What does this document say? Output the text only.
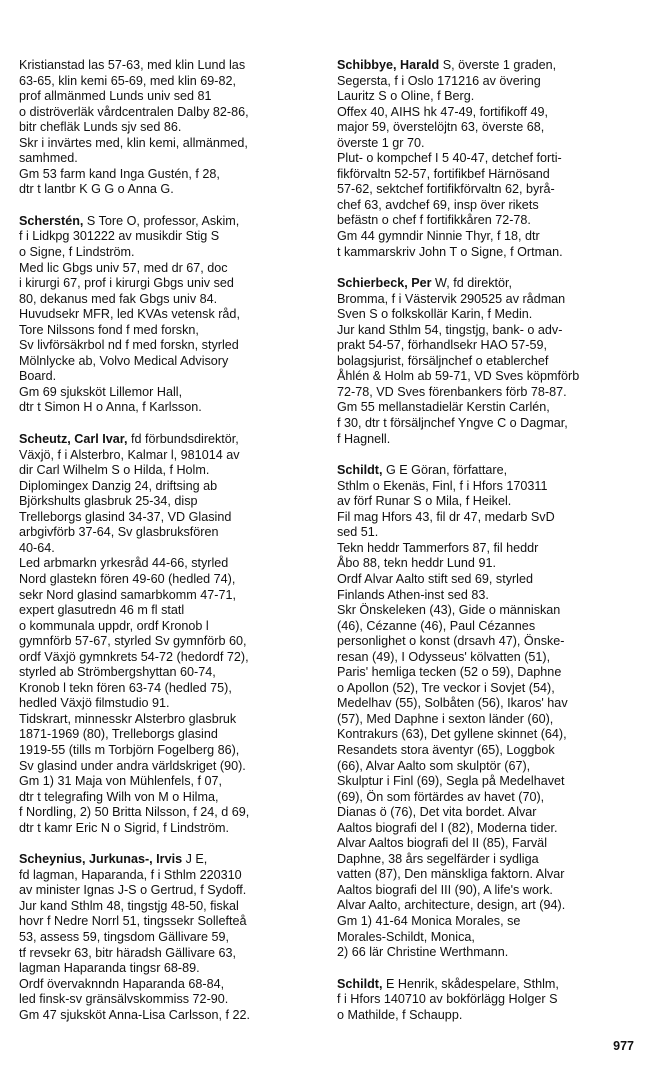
Kristianstad las 57-63, med klin Lund las

63-65, klin kemi 65-69, med klin 69-82,

prof allmänmed Lunds univ sed 81

o diströverläk vårdcentralen Dalby 82-86,

bitr chefläk Lunds sjv sed 86.

Skr i invärtes med, klin kemi, allmänmed,

samhmed.

Gm 53 farm kand Inga Gustén, f 28,

dtr t lantbr K G G o Anna G.

Scherstén, S Tore O, professor, Askim,

f i Lidkpg 301222 av musikdir Stig S

o Signe, f Lindström.

Med lic Gbgs univ 57, med dr 67, doc

i kirurgi 67, prof i kirurgi Gbgs univ sed

80, dekanus med fak Gbgs univ 84.

Huvudsekr MFR, led KVAs vetensk råd,

Tore Nilssons fond f med forskn,

Sv livförsäkrbol nd f med forskn, styrled

Mölnlycke ab, Volvo Medical Advisory

Board.

Gm 69 sjuksköt Lillemor Hall,

dtr t Simon H o Anna, f Karlsson.

Scheutz, Carl Ivar, fd förbundsdirektör,

Växjö, f i Alsterbro, Kalmar l, 981014 av

dir Carl Wilhelm S o Hilda, f Holm.

Diplomingex Danzig 24, driftsing ab

Björkshults glasbruk 25-34, disp

Trelleborgs glasind 34-37, VD Glasind

arbgivförb 37-64, Sv glasbruksfören

40-64.

Led arbmarkn yrkesråd 44-66, styrled

Nord glastekn fören 49-60 (hedled 74),

sekr Nord glasind samarbkomm 47-71,

expert glasutredn 46 m fl statl

o kommunala uppdr, ordf Kronob l

gymnförb 57-67, styrled Sv gymnförb 60,

ordf Växjö gymnkrets 54-72 (hedordf 72),

styrled ab Strömbergshyttan 60-74,

Kronob l tekn fören 63-74 (hedled 75),

hedled Växjö filmstudio 91.

Tidskrart, minnesskr Alsterbro glasbruk

1871-1969 (80), Trelleborgs glasind

1919-55 (tills m Torbjörn Fogelberg 86),

Sv glasind under andra världskriget (90).

Gm 1) 31 Maja von Mühlenfels, f 07,

dtr t telegrafing Wilh von M o Hilma,

f Nordling, 2) 50 Britta Nilsson, f 24, d 69,

dtr t kamr Eric N o Sigrid, f Lindström.

Scheynius, Jurkunas-, Irvis J E,

fd lagman, Haparanda, f i Sthlm 220310

av minister Ignas J-S o Gertrud, f Sydoff.

Jur kand Sthlm 48, tingstjg 48-50, fiskal

hovr f Nedre Norrl 51, tingssekr Sollefteå

53, assess 59, tingsdom Gällivare 59,

tf revsekr 63, bitr häradsh Gällivare 63,

lagman Haparanda tingsr 68-89.

Ordf övervaknndn Haparanda 68-84,

led finsk-sv gränsälvskommiss 72-90.

Gm 47 sjuksköt Anna-Lisa Carlsson, f 22.

Schibbye, Harald S, överste 1 graden,

Segersta, f i Oslo 171216 av övering

Lauritz S o Oline, f Berg.

Offex 40, AIHS hk 47-49, fortifikoff 49,

major 59, överstelöjtn 63, överste 68,

överste 1 gr 70.

Plut- o kompchef I 5 40-47, detchef forti-

fikförvaltn 52-57, fortifikbef Härnösand

57-62, sektchef fortifikförvaltn 62, byrå-

chef 63, avdchef 69, insp över rikets

befästn o chef f fortifikkåren 72-78.

Gm 44 gymndir Ninnie Thyr, f 18, dtr

t kammarskriv John T o Signe, f Ortman.

Schierbeck, Per W, fd direktör,

Bromma, f i Västervik 290525 av rådman

Sven S o folkskollär Karin, f Medin.

Jur kand Sthlm 54, tingstjg, bank- o adv-

prakt 54-57, förhandlsekr HAO 57-59,

bolagsjurist, försäljnchef o etablerchef

Åhlén & Holm ab 59-71, VD Sves köpmförb

72-78, VD Sves förenbankers förb 78-87.

Gm 55 mellanstadielär Kerstin Carlén,

f 30, dtr t försäljnchef Yngve C o Dagmar,

f Hagnell.

Schildt, G E Göran, författare,

Sthlm o Ekenäs, Finl, f i Hfors 170311

av förf Runar S o Mila, f Heikel.

Fil mag Hfors 43, fil dr 47, medarb SvD

sed 51.

Tekn heddr Tammerfors 87, fil heddr

Åbo 88, tekn heddr Lund 91.

Ordf Alvar Aalto stift sed 69, styrled

Finlands Athen-inst sed 83.

Skr Önskeleken (43), Gide o människan

(46), Cézanne (46), Paul Cézannes

personlighet o konst (drsavh 47), Önske-

resan (49), I Odysseus' kölvatten (51),

Paris' hemliga tecken (52 o 59), Daphne

o Apollon (52), Tre veckor i Sovjet (54),

Medelhav (55), Solbåten (56), Ikaros' hav

(57), Med Daphne i sexton länder (60),

Kontrakurs (63), Det gyllene skinnet (64),

Resandets stora äventyr (65), Loggbok

(66), Alvar Aalto som skulptör (67),

Skulptur i Finl (69), Segla på Medelhavet

(69), Ön som förtärdes av havet (70),

Dianas ö (76), Det vita bordet. Alvar

Aaltos biografi del I (82), Moderna tider.

Alvar Aaltos biografi del II (85), Farväl

Daphne, 38 års segelfärder i sydliga

vatten (87), Den mänskliga faktorn. Alvar

Aaltos biografi del III (90), A life's work.

Alvar Aalto, architecture, design, art (94).

Gm 1) 41-64 Monica Morales, se

Morales-Schildt, Monica,

2) 66 lär Christine Werthmann.

Schildt, E Henrik, skådespelare, Sthlm,

f i Hfors 140710 av bokförlägg Holger S

o Mathilde, f Schaupp.

977
